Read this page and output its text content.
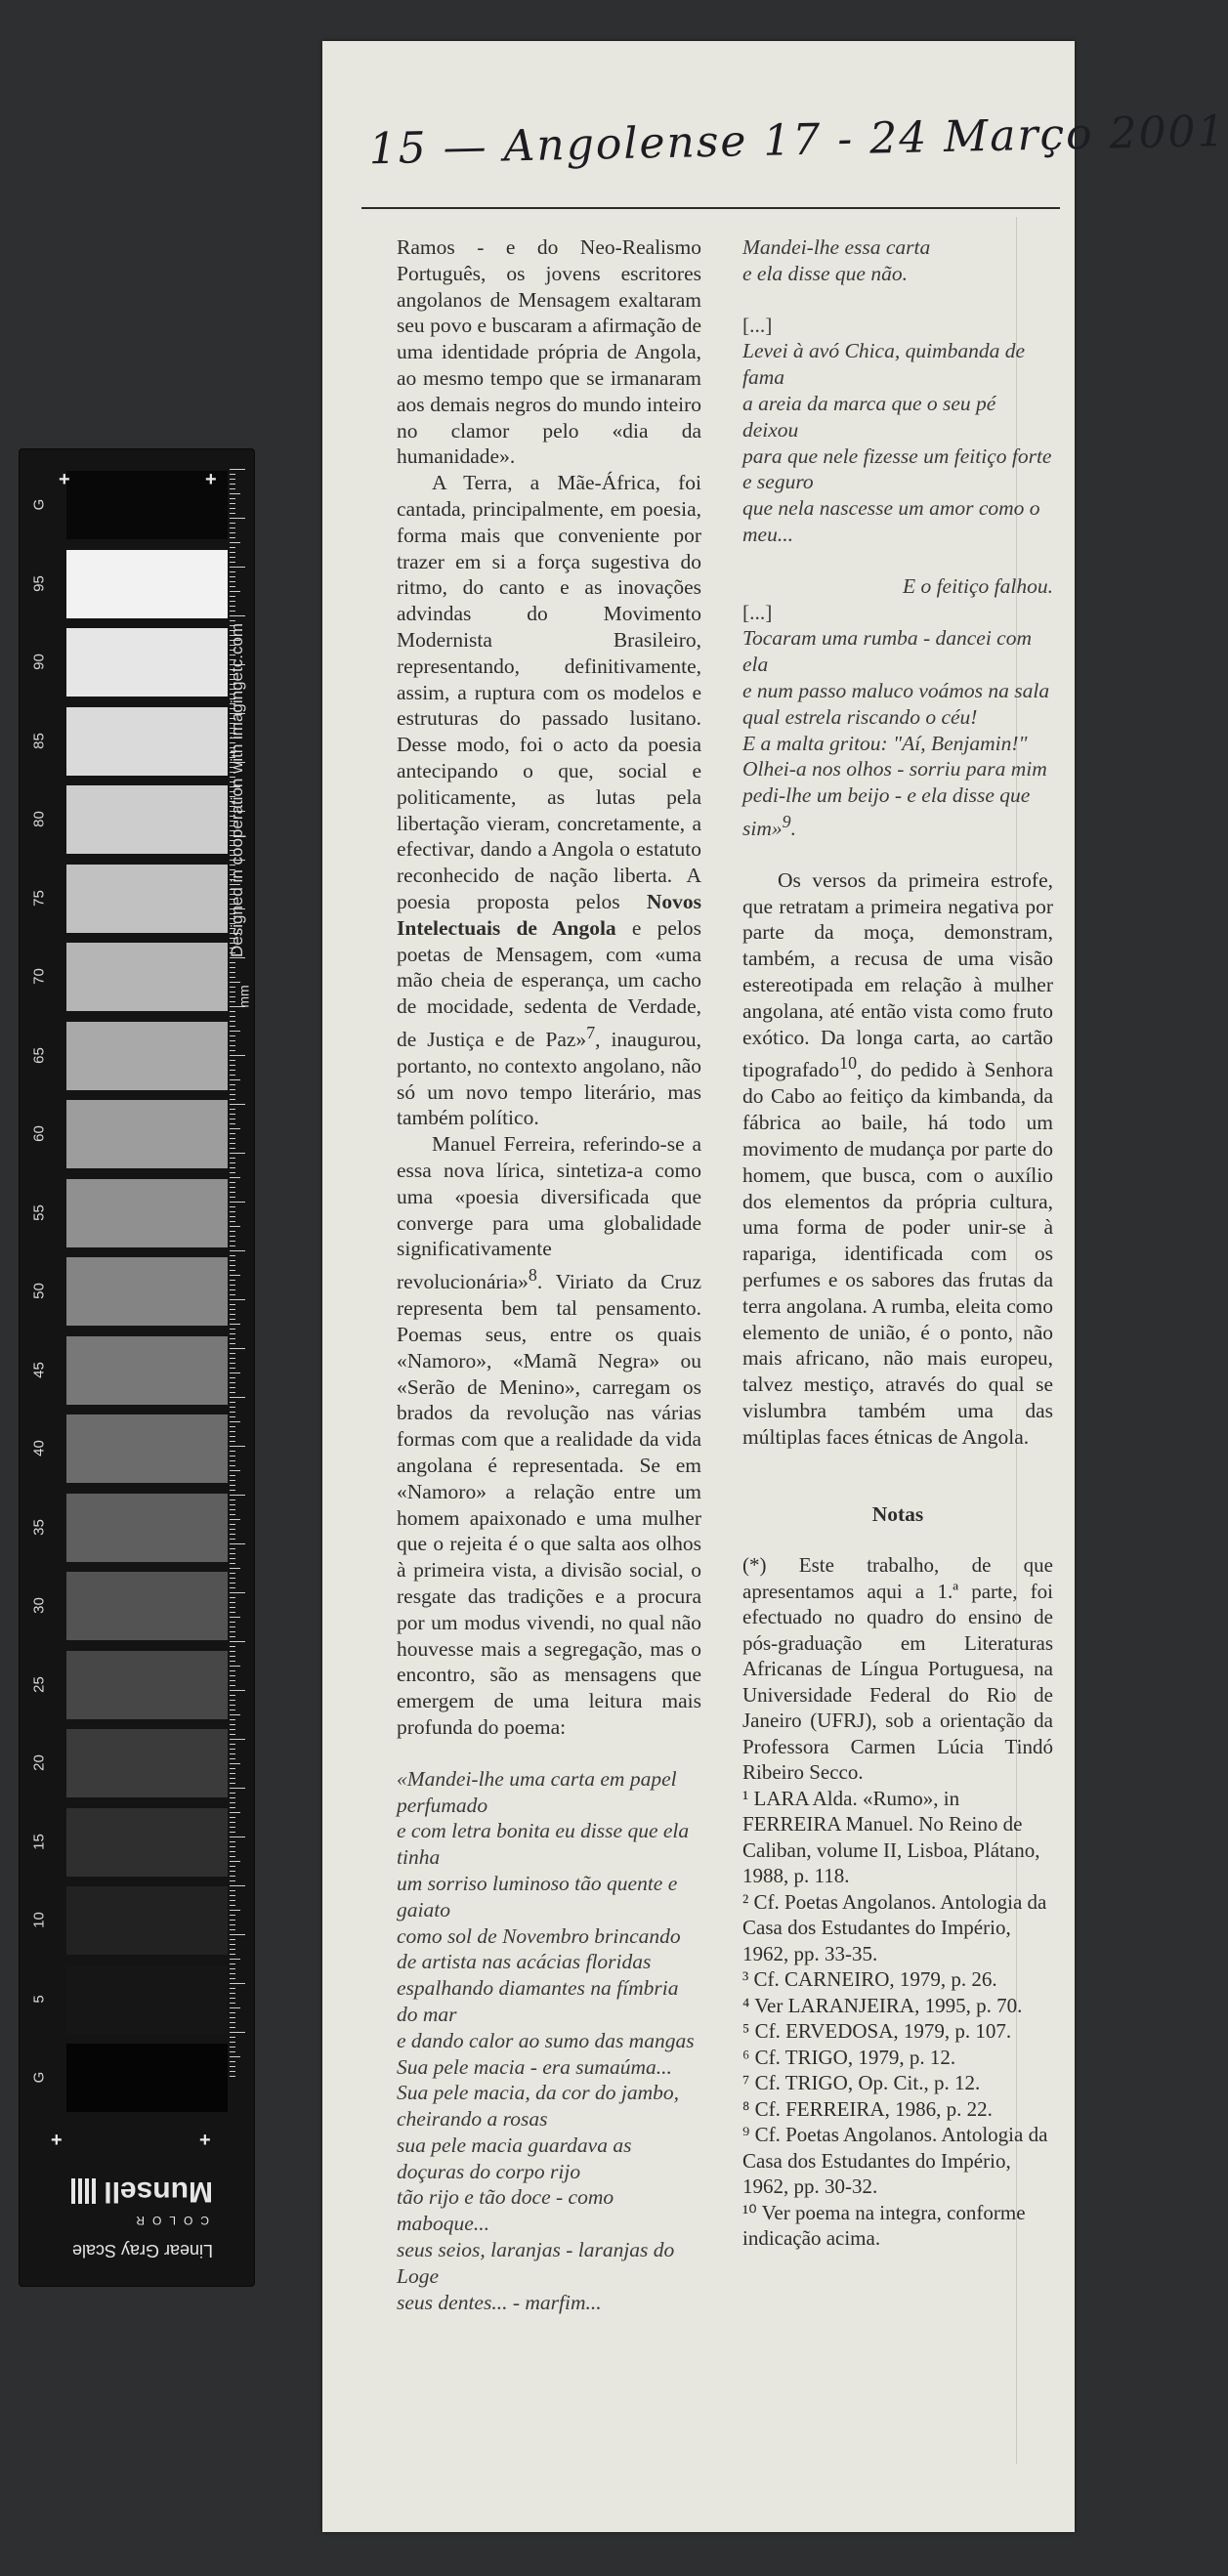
Designed in cooperation with imagingetc.com
mm
+	+
+	+
Munsell
COLOR
Linear Gray Scale
G
95
90
85
80
75
70
65
60
55
50
45
40
35
30
25
20
15
10
5
G
15 — Angolense 17 - 24 Março 2001

Ramos - e do Neo-Realismo Português, os jovens escritores angolanos de Mensagem exaltaram seu povo e buscaram a afirmação de uma identidade própria de Angola, ao mesmo tempo que se irmanaram aos demais negros do mundo inteiro no clamor pelo «dia da humanidade».

A Terra, a Mãe-África, foi cantada, principalmente, em poesia, forma mais que conveniente por trazer em si a força sugestiva do ritmo, do canto e as inovações advindas do Movimento Modernista Brasileiro, representando, definitivamente, assim, a ruptura com os modelos e estruturas do passado lusitano. Desse modo, foi o acto da poesia antecipando o que, social e politicamente, as lutas pela libertação vieram, concretamente, a efectivar, dando a Angola o estatuto reconhecido de nação liberta. A poesia proposta pelos Novos Intelectuais de Angola e pelos poetas de Mensagem, com «uma mão cheia de esperança, um cacho de mocidade, sedenta de Verdade, de Justiça e de Paz»$^7$, inaugurou, portanto, no contexto angolano, não só um novo tempo literário, mas também político.

Manuel Ferreira, referindo-se a essa nova lírica, sintetiza-a como uma «poesia diversificada que converge para uma globalidade significativamente revolucionária»$^8$. Viriato da Cruz representa bem tal pensamento. Poemas seus, entre os quais «Namoro», «Mamã Negra» ou «Serão de Menino», carregam os brados da revolução nas várias formas com que a realidade da vida angolana é representada. Se em «Namoro» a relação entre um homem apaixonado e uma mulher que o rejeita é o que salta aos olhos à primeira vista, a divisão social, o resgate das tradições e a procura por um modus vivendi, no qual não houvesse mais a segregação, mas o encontro, são as mensagens que emergem de uma leitura mais profunda do poema:

«Mandei-lhe uma carta em papel perfumado

e com letra bonita eu disse que ela tinha

um sorriso luminoso tão quente e gaiato

como sol de Novembro brincando de artista nas acácias floridas

espalhando diamantes na fímbria do mar

e dando calor ao sumo das mangas

Sua pele macia - era sumaúma...

Sua pele macia, da cor do jambo, cheirando a rosas

sua pele macia guardava as doçuras do corpo rijo

tão rijo e tão doce - como maboque...

seus seios, laranjas - laranjas do Loge

seus dentes... - marfim...

Mandei-lhe essa carta

e ela disse que não.

[...]

Levei à avó Chica, quimbanda de fama

a areia da marca que o seu pé deixou

para que nele fizesse um feitiço forte e seguro

que nela nascesse um amor como o meu...

E o feitiço falhou.

[...]

Tocaram uma rumba - dancei com ela

e num passo maluco voámos na sala

qual estrela riscando o céu!

E a malta gritou: "Aí, Benjamin!"

Olhei-a nos olhos - sorriu para mim

pedi-lhe um beijo - e ela disse que sim»$^9$.

Os versos da primeira estrofe, que retratam a primeira negativa por parte da moça, demonstram, também, a recusa de uma visão estereotipada em relação à mulher angolana, até então vista como fruto exótico. Da longa carta, ao cartão tipografado$^{10}$, do pedido à Senhora do Cabo ao feitiço da kimbanda, da fábrica ao baile, há todo um movimento de mudança por parte do homem, que busca, com o auxílio dos elementos da própria cultura, uma forma de poder unir-se à rapariga, identificada com os perfumes e os sabores das frutas da terra angolana. A rumba, eleita como elemento de união, é o ponto, não mais africano, não mais europeu, talvez mestiço, através do qual se vislumbra também uma das múltiplas faces étnicas de Angola.

Notas

(*) Este trabalho, de que apresentamos aqui a 1.ª parte, foi efectuado no quadro do ensino de pós-graduação em Literaturas Africanas de Língua Portuguesa, na Universidade Federal do Rio de Janeiro (UFRJ), sob a orientação da Professora Carmen Lúcia Tindó Ribeiro Secco.

¹ LARA Alda. «Rumo», in FERREIRA Manuel. No Reino de Caliban, volume II, Lisboa, Plátano, 1988, p. 118.

² Cf. Poetas Angolanos. Antologia da Casa dos Estudantes do Império, 1962, pp. 33-35.

³ Cf. CARNEIRO, 1979, p. 26.

⁴ Ver LARANJEIRA, 1995, p. 70.

⁵ Cf. ERVEDOSA, 1979, p. 107.

⁶ Cf. TRIGO, 1979, p. 12.

⁷ Cf. TRIGO, Op. Cit., p. 12.

⁸ Cf. FERREIRA, 1986, p. 22.

⁹ Cf. Poetas Angolanos. Antologia da Casa dos Estudantes do Império, 1962, pp. 30-32.

¹⁰ Ver poema na integra, conforme indicação acima.
